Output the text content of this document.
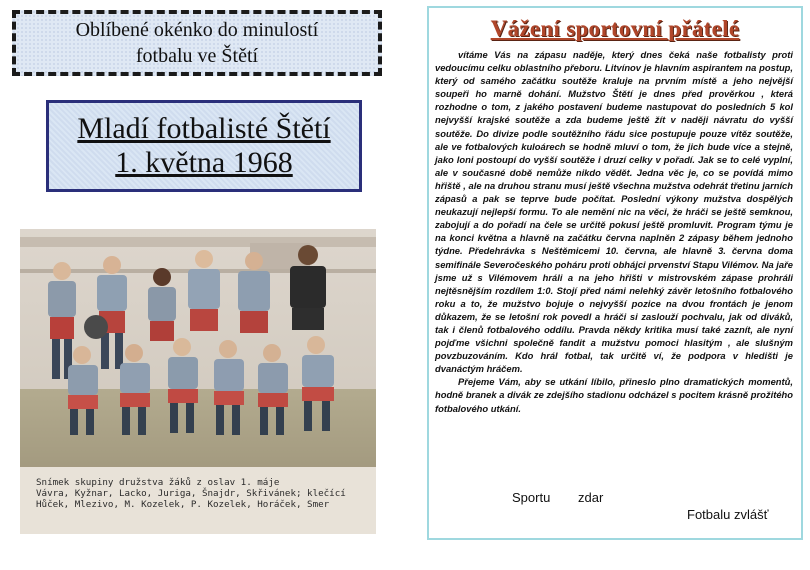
Oblíbené okénko do minulostí
fotbalu ve Štětí
Mladí fotbalisté Štětí
1. května 1968
Snímek skupiny družstva žáků z oslav 1. máje
Vávra, Kyžnar, Lacko, Juriga, Šnajdr, Skřivánek; klečící
Hůček, Mlezivo, M. Kozelek, P. Kozelek, Horáček, Smer
Vážení sportovní přátelé

vítáme Vás na zápasu naděje, který dnes čeká naše fotbalisty proti vedoucímu celku oblastního přeboru. Litvínov je hlavním aspirantem na postup, který od samého začátku soutěže kraluje na prvním místě a jeho nejvější soupeři ho marně dohání. Mužstvo Štětí je dnes před prověrkou , která rozhodne o tom, z jakého postavení budeme nastupovat do posledních 5 kol nejvyšší krajské soutěže a zda budeme ještě žít v naději návratu do vyšší soutěže. Do divize podle soutěžního řádu sice postupuje pouze vítěz soutěže, ale ve fotbalových kuloárech se hodně mluví o tom, že jich bude více a stejně, jako loni postoupí do vyšší soutěže i druzí celky v pořadí. Jak se to celé vyplní, ale v současné době nemůže nikdo vědět. Jedna věc je, co se povídá mimo hřiště , ale na druhou stranu musí ještě všechna mužstva odehrát třetinu jarních zápasů a pak se teprve bude počítat. Poslední výkony mužstva dospělých neukazují nejlepší formu. To ale nemění nic na věci, že hráči se ještě semknou, zabojují a do pořadí na čele se určitě pokusí ještě promluvit. Program týmu je na konci května a hlavně na začátku června naplněn 2 zápasy během jednoho týdne. Předehrávka s Neštěmicemi 10. června, ale hlavně 3. června doma semifinále Severočeského poháru proti obhájci prvenství Stapu Vilémov. Na jaře jsme už s Vilémovem hráli a na jeho hřišti v mistrovském zápase prohráli nejtěsnějším rozdílem 1:0. Stojí před námi nelehký závěr letošního fotbalového roku a to, že mužstvo bojuje o nejvyšší pozice na dvou frontách je jenom důkazem, že se letošní rok povedl a hráči si zaslouží pochvalu, jak od diváků, tak i členů fotbalového oddílu. Pravda někdy kritika musí také zaznít, ale nyní pojďme všichni společně fandit a mužstvu pomoci hlasitým , ale slušným povzbuzováním. Kdo hrál fotbal, tak určitě ví, že podpora v hledišti je dvanáctým hráčem.

Přejeme Vám, aby se utkání líbilo, přineslo plno dramatických momentů, hodně branek a divák ze zdejšího stadionu odcházel s pocitem krásně prožitého fotbalového utkání.

Sportu zdar
Fotbalu zvlášť
